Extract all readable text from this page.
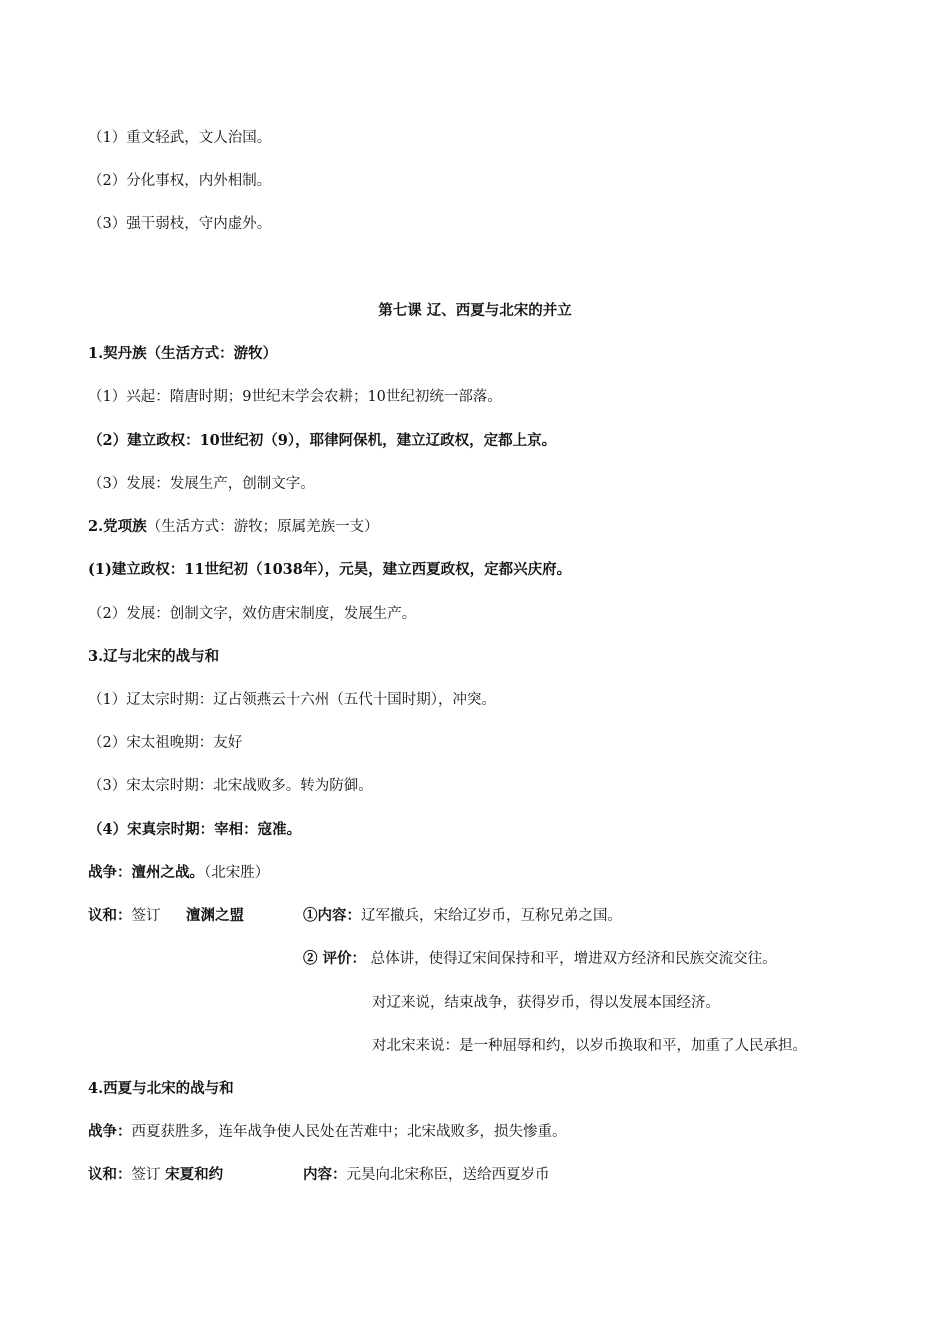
（1）重文轻武，文人治国。
（2）分化事权，内外相制。
（3）强干弱枝，守内虚外。
第七课 辽、西夏与北宋的并立
1.契丹族（生活方式：游牧）
（1）兴起：隋唐时期；9世纪末学会农耕；10世纪初统一部落。
（2）建立政权：10世纪初（9），耶律阿保机，建立辽政权，定都上京。
（3）发展：发展生产，创制文字。
2.党项族（生活方式：游牧；原属羌族一支）
(1)建立政权：11世纪初（1038年），元昊，建立西夏政权，定都兴庆府。
（2）发展：创制文字，效仿唐宋制度，发展生产。
3.辽与北宋的战与和
（1）辽太宗时期：辽占领燕云十六州（五代十国时期），冲突。
（2）宋太祖晚期：友好
（3）宋太宗时期：北宋战败多。转为防御。
（4）宋真宗时期：宰相：寇准。
战争：澶州之战。（北宋胜）
议和：签订 澶渊之盟	①内容：辽军撤兵，宋给辽岁币，互称兄弟之国。
② 评价： 总体讲，使得辽宋间保持和平，增进双方经济和民族交流交往。
对辽来说，结束战争，获得岁币，得以发展本国经济。
对北宋来说：是一种屈辱和约，以岁币换取和平，加重了人民承担。
4.西夏与北宋的战与和
战争：西夏获胜多，连年战争使人民处在苦难中；北宋战败多，损失惨重。
议和：签订 宋夏和约	内容：元昊向北宋称臣，送给西夏岁币
